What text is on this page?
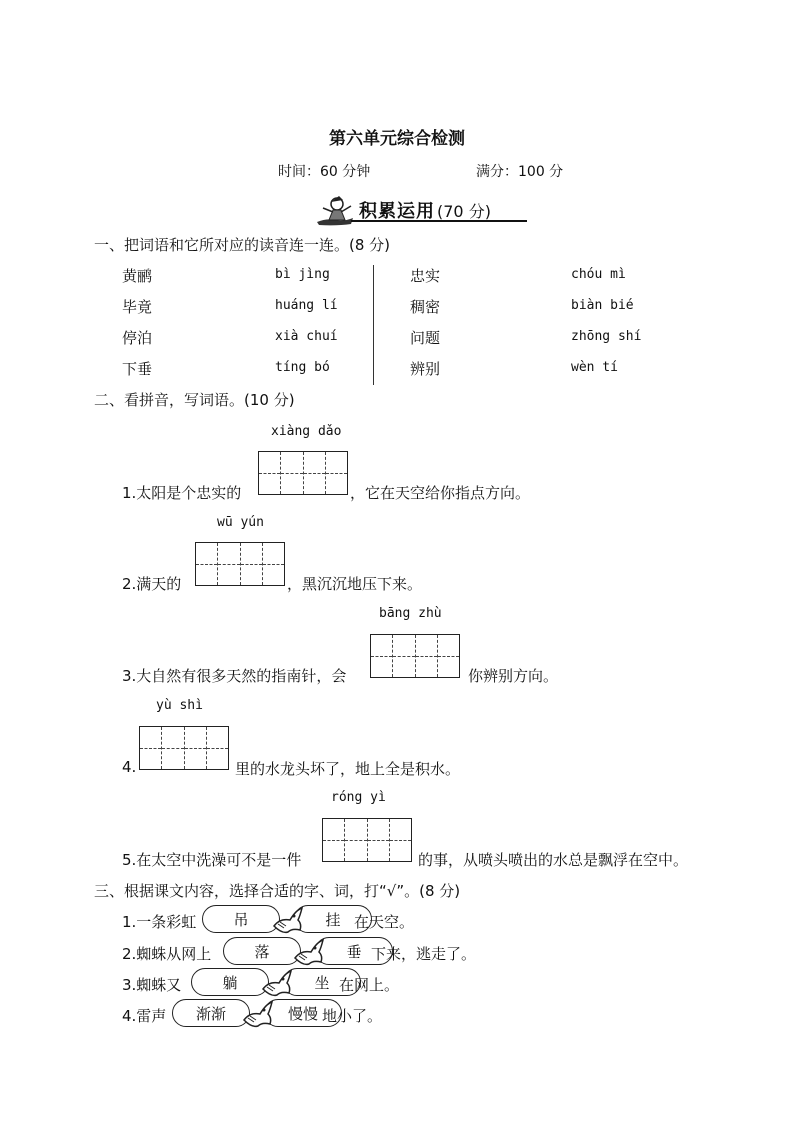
第六单元综合检测
时间：60 分钟	满分：100 分
积累运用 (70 分)
一、把词语和它所对应的读音连一连。(8 分)
黄鹂	bì jìng
毕竟	huáng lí
停泊	xià chuí
下垂	tíng bó
忠实	chóu mì
稠密	biàn bié
问题	zhōng shí
辨别	wèn tí
二、看拼音，写词语。(10 分)
xiàng dǎo
1.太阳是个忠实的	，它在天空给你指点方向。
wū yún
2.满天的	，黑沉沉地压下来。
bāng zhù
3.大自然有很多天然的指南针，会	你辨别方向。
yù shì
4.	里的水龙头坏了，地上全是积水。
róng yì
5.在太空中洗澡可不是一件	的事，从喷头喷出的水总是飘浮在空中。
三、根据课文内容，选择合适的字、词，打“√”。(8 分)
1.一条彩虹	吊	挂 在天空。
2.蜘蛛从网上	落	垂 下来，逃走了。
3.蜘蛛又	躺	坐 在网上。
4.雷声	渐渐	慢慢 地小了。
